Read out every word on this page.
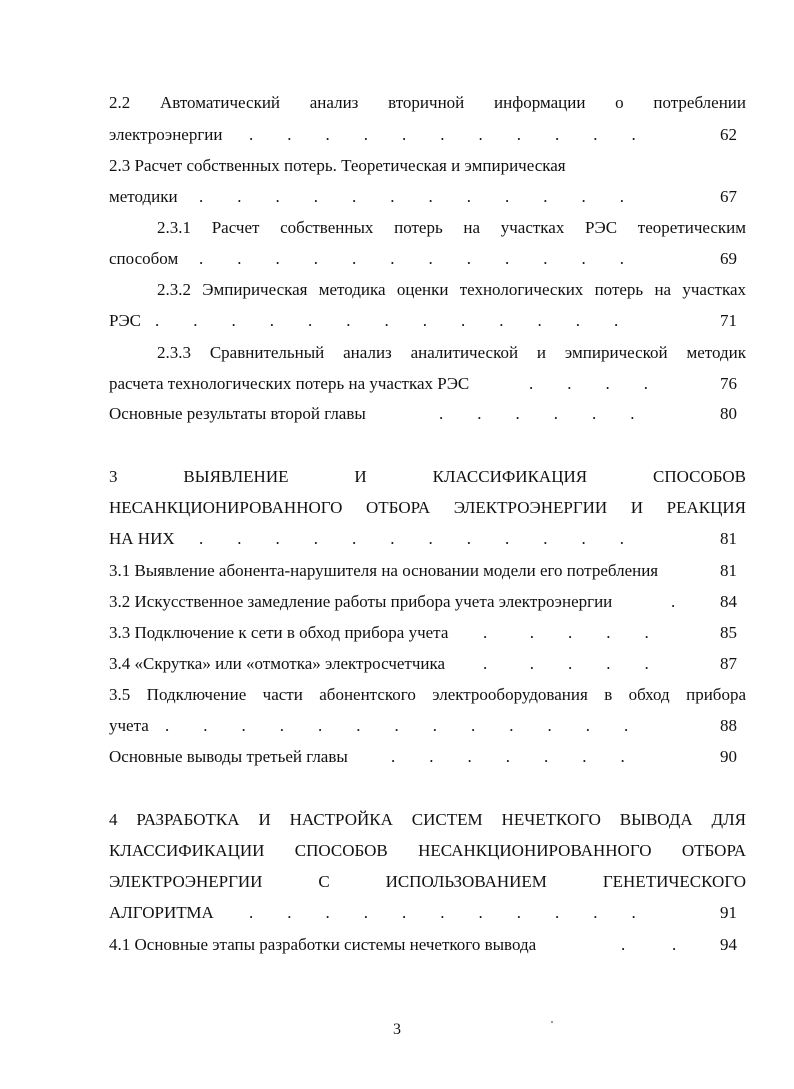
2.2 Автоматический анализ вторичной информации о потреблении
электроэнергии .        .        .        .        .        .        .        .        .        .        .	62
2.3 Расчет собственных потерь. Теоретическая и эмпирическая
методики .        .        .        .        .        .        .        .        .        .        .        .	67
2.3.1 Расчет собственных потерь на участках РЭС теоретическим
способом .        .        .        .        .        .        .        .        .        .        .        .	69
2.3.2 Эмпирическая методика оценки технологических потерь на участках
РЭС .        .        .        .        .        .        .        .        .        .        .        .        .	71
2.3.3 Сравнительный анализ аналитической и эмпирической методик
расчета технологических потерь на участках РЭС	.        .        .        .	76
Основные результаты второй главы	.        .        .        .        .        .	80
3 ВЫЯВЛЕНИЕ И КЛАССИФИКАЦИЯ СПОСОБОВ
НЕСАНКЦИОНИРОВАННОГО ОТБОРА ЭЛЕКТРОЭНЕРГИИ И РЕАКЦИЯ
НА НИХ .        .        .        .        .        .        .        .        .        .        .        .	81
3.1 Выявление абонента-нарушителя на основании модели его потребления	81
3.2 Искусственное замедление работы прибора учета электроэнергии	.	84
3.3 Подключение к сети в обход прибора учета .          .        .        .        .	85
3.4 «Скрутка» или «отмотка» электросчетчика .          .        .        .        .	87
3.5 Подключение части абонентского электрооборудования в обход прибора
учета .        .        .        .        .        .        .        .        .        .        .        .        .	88
Основные выводы третьей главы	.        .        .        .        .        .        .	90
4 РАЗРАБОТКА И НАСТРОЙКА СИСТЕМ НЕЧЕТКОГО ВЫВОДА ДЛЯ
КЛАССИФИКАЦИИ СПОСОБОВ НЕСАНКЦИОНИРОВАННОГО ОТБОРА
ЭЛЕКТРОЭНЕРГИИ С ИСПОЛЬЗОВАНИЕМ ГЕНЕТИЧЕСКОГО
АЛГОРИТМА .        .        .        .        .        .        .        .        .        .        .	91
4.1 Основные этапы разработки системы нечеткого вывода	.           .	94
3
